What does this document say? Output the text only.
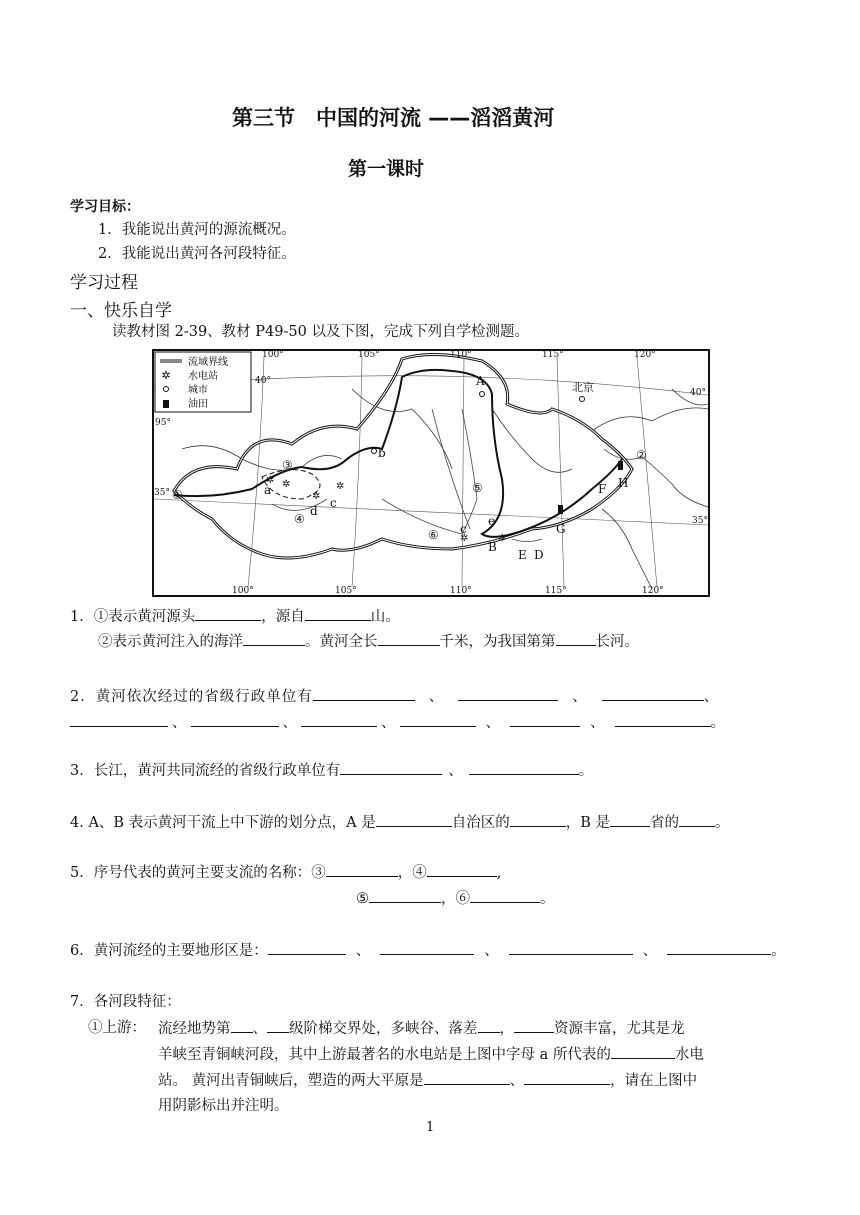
第三节　中国的河流 ——滔滔黄河
第一课时
学习目标：
1．我能说出黄河的源流概况。
2．我能说出黄河各河段特征。
学习过程
一、快乐自学
读教材图 2-39、教材 P49-50 以及下图，完成下列自学检测题。
流域界线
✲ 水电站
城市
油田
100°	105°	110°	115°	120°
100°	105°	110°	115°	120°
40°
35°
40°
35°
95°
北京
A
b
a
d
c
c
e
B
E D
G
F H
①
②
③
④
⑤
⑥
✲ ✲
✲
✲
✲	✲
1．①表示黄河源头	，源自	山。
②表示黄河注入的海洋	。黄河全长	千米，为我国第第	长河。
2．黄河依次经过的省级行政单位有	、	、	、
、	、	、	、	、	。
3．长江，黄河共同流经的省级行政单位有	、	。
4. A、B 表示黄河干流上中下游的划分点，A 是	自治区的	，B 是	省的 。
5．序号代表的黄河主要支流的名称：③	，④	,
⑤	，⑥	。
6．黄河流经的主要地形区是：	、	、	、	。
7．各河段特征：
①上游： 流经地势第 、 级阶梯交界处，多峡谷、落差 ，	资源丰富，尤其是龙
羊峡至青铜峡河段，其中上游最著名的水电站是上图中字母 a 所代表的	水电
站。 黄河出青铜峡后，塑造的两大平原是	、	，请在上图中
用阴影标出并注明。
1
